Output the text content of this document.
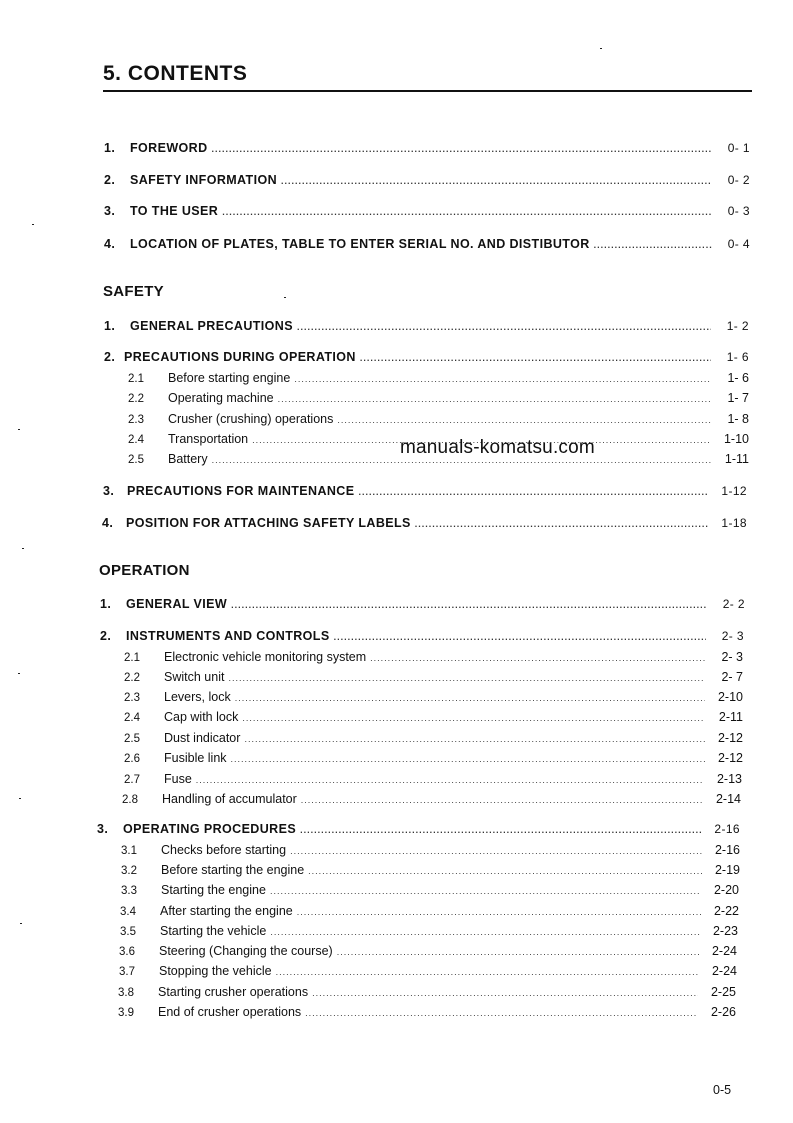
5. CONTENTS
1.	FOREWORD .....	0- 1
2.	SAFETY INFORMATION .....	0- 2
3.	TO THE USER .....	0- 3
4.	LOCATION OF PLATES, TABLE TO ENTER SERIAL NO. AND DISTIBUTOR .....	0- 4
SAFETY
1.	GENERAL PRECAUTIONS .....	1- 2
2. PRECAUTIONS DURING OPERATION .....	1- 6
2.1	Before starting engine .....	1- 6
2.2	Operating machine .....	1- 7
2.3	Crusher (crushing) operations .....	1- 8
2.4	Transportation .....	1-10
2.5	Battery .....	1-11
3.	PRECAUTIONS FOR MAINTENANCE .....	1-12
4.	POSITION FOR ATTACHING SAFETY LABELS .....	1-18
OPERATION
1.	GENERAL VIEW .....	2- 2
2.	INSTRUMENTS AND CONTROLS .....	2- 3
2.1	Electronic vehicle monitoring system .....	2- 3
2.2	Switch unit .....	2- 7
2.3	Levers, lock .....	2-10
2.4	Cap with lock .....	2-11
2.5	Dust indicator .....	2-12
2.6	Fusible link .....	2-12
2.7	Fuse .....	2-13
2.8	Handling of accumulator .....	2-14
3.	OPERATING PROCEDURES .....	2-16
3.1	Checks before starting .....	2-16
3.2	Before starting the engine .....	2-19
3.3	Starting the engine .....	2-20
3.4	After starting the engine .....	2-22
3.5	Starting the vehicle .....	2-23
3.6	Steering (Changing the course) .....	2-24
3.7	Stopping the vehicle .....	2-24
3.8	Starting crusher operations .....	2-25
3.9	End of crusher operations .....	2-26
manuals-komatsu.com
0-5
